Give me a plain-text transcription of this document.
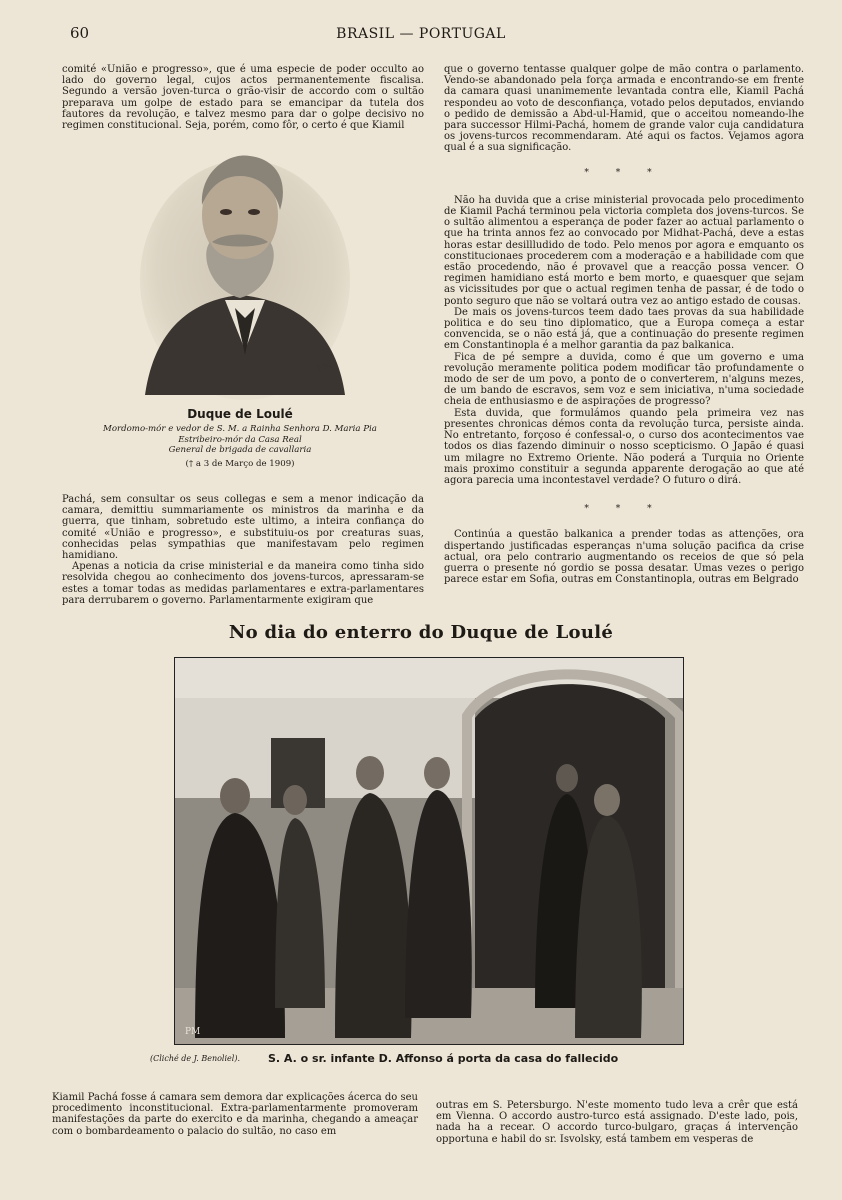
60	BRASIL — PORTUGAL

comité «União e progresso», que é uma especie de poder occulto ao lado do governo legal, cujos actos permanentemente fiscalisa. Segundo a versão joven-turca o grão-visir de accordo com o sultão preparava um golpe de estado para se emancipar da tutela dos fautores da revolução, e talvez mesmo para dar o golpe decisivo no regimen constitucional. Seja, porém, como fôr, o certo é que Kiamil

PM
Duque de Loulé
Mordomo-mór e vedor de S. M. a Rainha Senhora D. Maria Pia
Estribeiro-mór da Casa Real
General de brigada de cavallaria
(† a 3 de Março de 1909)

Pachá, sem consultar os seus collegas e sem a menor indicação da camara, demittiu summariamente os ministros da marinha e da guerra, que tinham, sobretudo este ultimo, a inteira confiança do comité «União e progresso», e substituiu-os por creaturas suas, conhecidas pelas sympathias que manifestavam pelo regimen hamidiano.

Apenas a noticia da crise ministerial e da maneira como tinha sido resolvida chegou ao conhecimento dos jovens-turcos, apressaram-se estes a tomar todas as medidas parlamentares e extra-parlamentares para derrubarem o governo. Parlamentarmente exigiram que

que o governo tentasse qualquer golpe de mão contra o parlamento. Vendo-se abandonado pela força armada e encontrando-se em frente da camara quasi unanimemente levantada contra elle, Kiamil Pachá respondeu ao voto de desconfiança, votado pelos deputados, enviando o pedido de demissão a Abd-ul-Hamid, que o acceitou nomeando-lhe para successor Hilmi-Pachá, homem de grande valor cuja candidatura os jovens-turcos recommendaram. Até aqui os factos. Vejamos agora qual é a sua significação.

* * *

Não ha duvida que a crise ministerial provocada pelo procedimento de Kiamil Pachá terminou pela victoria completa dos jovens-turcos. Se o sultão alimentou a esperança de poder fazer ao actual parlamento o que ha trinta annos fez ao convocado por Midhat-Pachá, deve a estas horas estar desillludido de todo. Pelo menos por agora e emquanto os constitucionaes procederem com a moderação e a habilidade com que estão procedendo, não é provavel que a reacção possa vencer. O regimen hamidiano está morto e bem morto, e quaesquer que sejam as vicissitudes por que o actual regimen tenha de passar, é de todo o ponto seguro que não se voltará outra vez ao antigo estado de cousas.

De mais os jovens-turcos teem dado taes provas da sua habilidade politica e do seu tino diplomatico, que a Europa começa a estar convencida, se o não está já, que a continuação do presente regimen em Constantinopla é a melhor garantia da paz balkanica.

Fica de pé sempre a duvida, como é que um governo e uma revolução meramente politica podem modificar tão profundamente o modo de ser de um povo, a ponto de o converterem, n'alguns mezes, de um bando de escravos, sem voz e sem iniciativa, n'uma sociedade cheia de enthusiasmo e de aspirações de progresso?

Esta duvida, que formulámos quando pela primeira vez nas presentes chronicas démos conta da revolução turca, persiste ainda. No entretanto, forçoso é confessal-o, o curso dos acontecimentos vae todos os dias fazendo diminuir o nosso scepticismo. O Japão é quasi um milagre no Extremo Oriente. Não poderá a Turquia no Oriente mais proximo constituir a segunda apparente derogação ao que até agora parecia uma incontestavel verdade? O futuro o dirá.

* * *

Continúa a questão balkanica a prender todas as attenções, ora dispertando justificadas esperanças n'uma solução pacifica da crise actual, ora pelo contrario augmentando os receios de que só pela guerra o presente nó gordio se possa desatar. Umas vezes o perigo parece estar em Sofia, outras em Constantinopla, outras em Belgrado

No dia do enterro do Duque de Loulé
PM
(Cliché de J. Benoliel).	S. A. o sr. infante D. Affonso á porta da casa do fallecido

Kiamil Pachá fosse á camara sem demora dar explicações ácerca do seu procedimento inconstitucional. Extra-parlamentarmente promoveram manifestações da parte do exercito e da marinha, chegando a ameaçar com o bombardeamento o palacio do sultão, no caso em

outras em S. Petersburgo. N'este momento tudo leva a crêr que está em Vienna. O accordo austro-turco está assignado. D'este lado, pois, nada ha a recear. O accordo turco-bulgaro, graças á intervenção opportuna e habil do sr. Isvolsky, está tambem em vesperas de
